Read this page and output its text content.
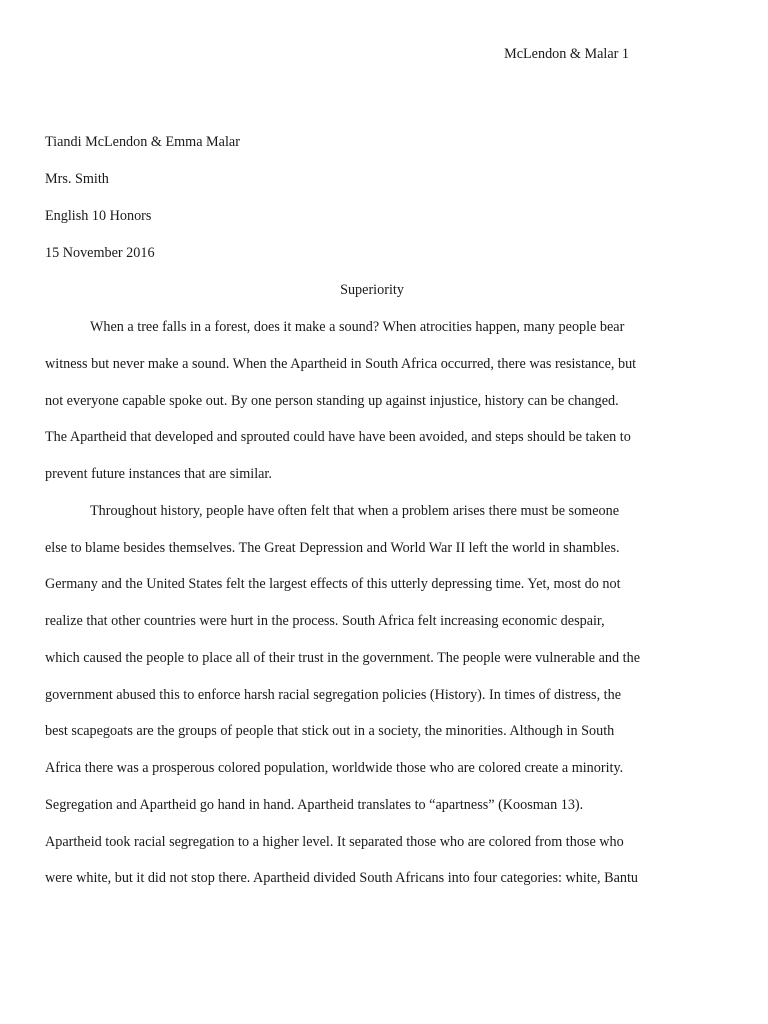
McLendon & Malar 1
Tiandi McLendon & Emma Malar
Mrs. Smith
English 10 Honors
15 November 2016
Superiority
When a tree falls in a forest, does it make a sound? When atrocities happen, many people bear
witness but never make a sound. When the Apartheid in South Africa occurred, there was resistance, but
not everyone capable spoke out. By one person standing up against injustice, history can be changed.
The Apartheid that developed and sprouted could have have been avoided, and steps should be taken to
prevent future instances that are similar.
Throughout history, people have often felt that when a problem arises there must be someone
else to blame besides themselves. The Great Depression and World War II left the world in shambles.
Germany and the United States felt the largest effects of this utterly depressing time. Yet, most do not
realize that other countries were hurt in the process. South Africa felt increasing economic despair,
which caused the people to place all of their trust in the government. The people were vulnerable and the
government abused this to enforce harsh racial segregation policies (History). In times of distress, the
best scapegoats are the groups of people that stick out in a society, the minorities. Although in South
Africa there was a prosperous colored population, worldwide those who are colored create a minority.
Segregation and Apartheid go hand in hand. Apartheid translates to “apartness” (Koosman 13).
Apartheid took racial segregation to a higher level. It separated those who are colored from those who
were white, but it did not stop there. Apartheid divided South Africans into four categories: white, Bantu
